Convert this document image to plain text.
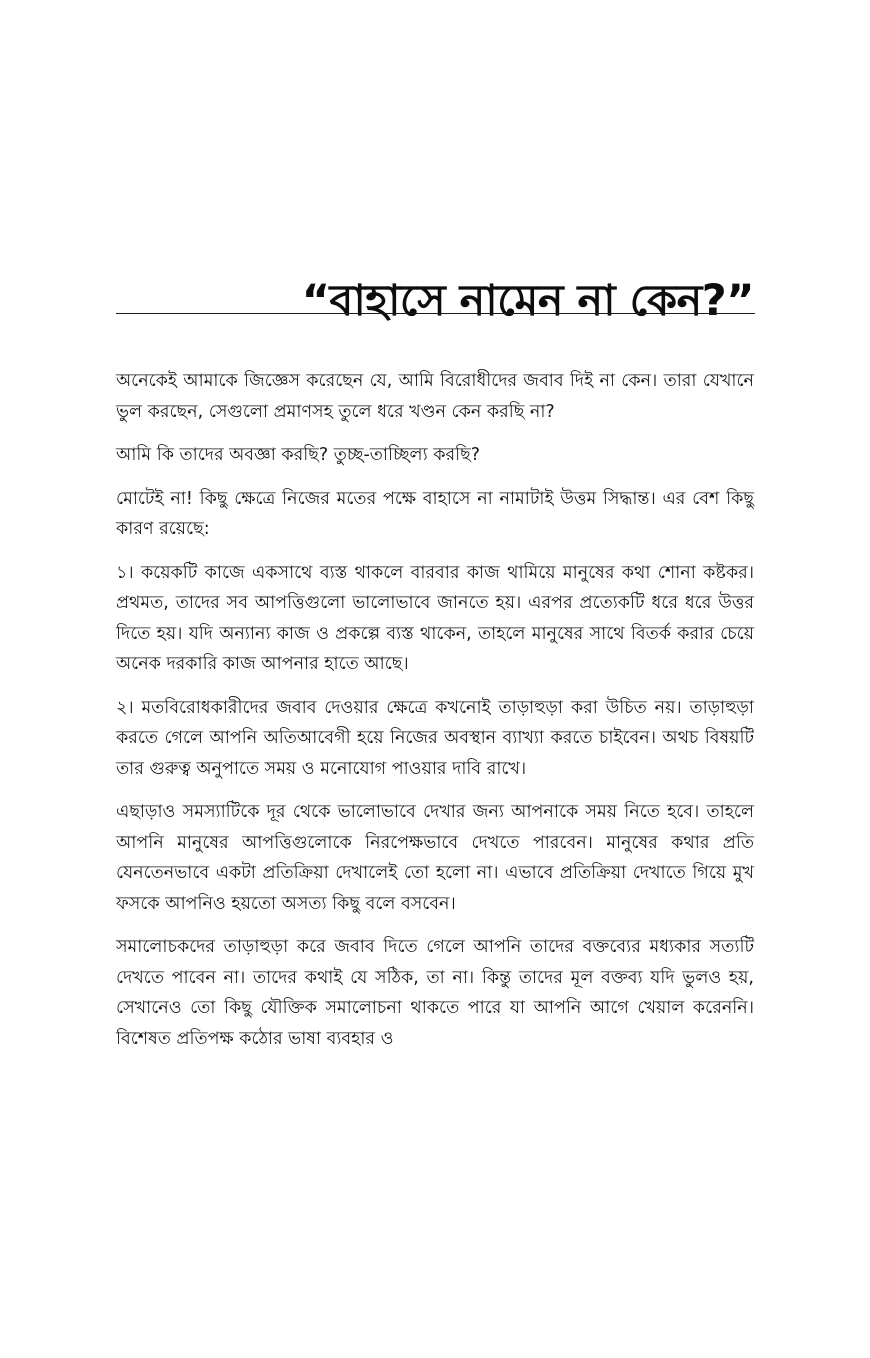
“বাহাসে নামেন না কেন?”

অনেকেই আমাকে জিজ্ঞেস করেছেন যে, আমি বিরোধীদের জবাব দিই না কেন। তারা যেখানে ভুল করছেন, সেগুলো প্রমাণসহ তুলে ধরে খণ্ডন কেন করছি না?

আমি কি তাদের অবজ্ঞা করছি? তুচ্ছ-তাচ্ছিল্য করছি?

মোটেই না! কিছু ক্ষেত্রে নিজের মতের পক্ষে বাহাসে না নামাটাই উত্তম সিদ্ধান্ত। এর বেশ কিছু কারণ রয়েছে:

১। কয়েকটি কাজে একসাথে ব্যস্ত থাকলে বারবার কাজ থামিয়ে মানুষের কথা শোনা কষ্টকর। প্রথমত, তাদের সব আপত্তিগুলো ভালোভাবে জানতে হয়। এরপর প্রত্যেকটি ধরে ধরে উত্তর দিতে হয়। যদি অন্যান্য কাজ ও প্রকল্পে ব্যস্ত থাকেন, তাহলে মানুষের সাথে বিতর্ক করার চেয়ে অনেক দরকারি কাজ আপনার হাতে আছে।

২। মতবিরোধকারীদের জবাব দেওয়ার ক্ষেত্রে কখনোই তাড়াহুড়া করা উচিত নয়। তাড়াহুড়া করতে গেলে আপনি অতিআবেগী হয়ে নিজের অবস্থান ব্যাখ্যা করতে চাইবেন। অথচ বিষয়টি তার গুরুত্ব অনুপাতে সময় ও মনোযোগ পাওয়ার দাবি রাখে।

এছাড়াও সমস্যাটিকে দূর থেকে ভালোভাবে দেখার জন্য আপনাকে সময় নিতে হবে। তাহলে আপনি মানুষের আপত্তিগুলোকে নিরপেক্ষভাবে দেখতে পারবেন। মানুষের কথার প্রতি যেনতেনভাবে একটা প্রতিক্রিয়া দেখালেই তো হলো না। এভাবে প্রতিক্রিয়া দেখাতে গিয়ে মুখ ফসকে আপনিও হয়তো অসত্য কিছু বলে বসবেন।

সমালোচকদের তাড়াহুড়া করে জবাব দিতে গেলে আপনি তাদের বক্তব্যের মধ্যকার সত্যটি দেখতে পাবেন না। তাদের কথাই যে সঠিক, তা না। কিন্তু তাদের মূল বক্তব্য যদি ভুলও হয়, সেখানেও তো কিছু যৌক্তিক সমালোচনা থাকতে পারে যা আপনি আগে খেয়াল করেননি। বিশেষত প্রতিপক্ষ কঠোর ভাষা ব্যবহার ও
